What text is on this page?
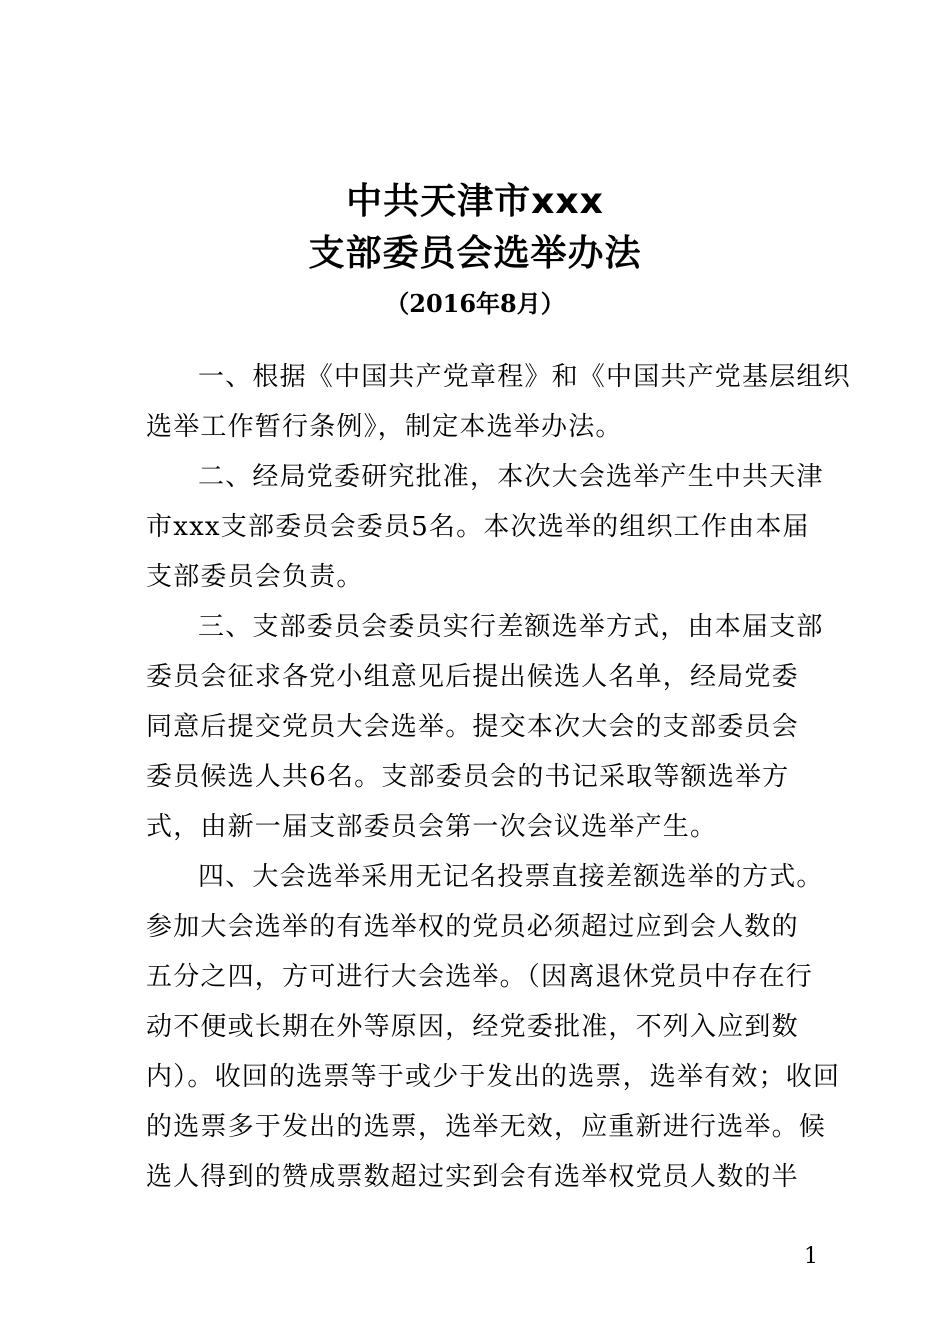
中共天津市xxx
支部委员会选举办法
（2016年8月）
一、根据《中国共产党章程》和《中国共产党基层组织
选举工作暂行条例》，制定本选举办法。
二、经局党委研究批准，本次大会选举产生中共天津
市xxx支部委员会委员5名。本次选举的组织工作由本届
支部委员会负责。
三、支部委员会委员实行差额选举方式，由本届支部
委员会征求各党小组意见后提出候选人名单，经局党委
同意后提交党员大会选举。提交本次大会的支部委员会
委员候选人共6名。支部委员会的书记采取等额选举方
式，由新一届支部委员会第一次会议选举产生。
四、大会选举采用无记名投票直接差额选举的方式。
参加大会选举的有选举权的党员必须超过应到会人数的
五分之四，方可进行大会选举。（因离退休党员中存在行
动不便或长期在外等原因，经党委批准，不列入应到数
内）。收回的选票等于或少于发出的选票，选举有效；收回
的选票多于发出的选票，选举无效，应重新进行选举。候
选人得到的赞成票数超过实到会有选举权党员人数的半
1
